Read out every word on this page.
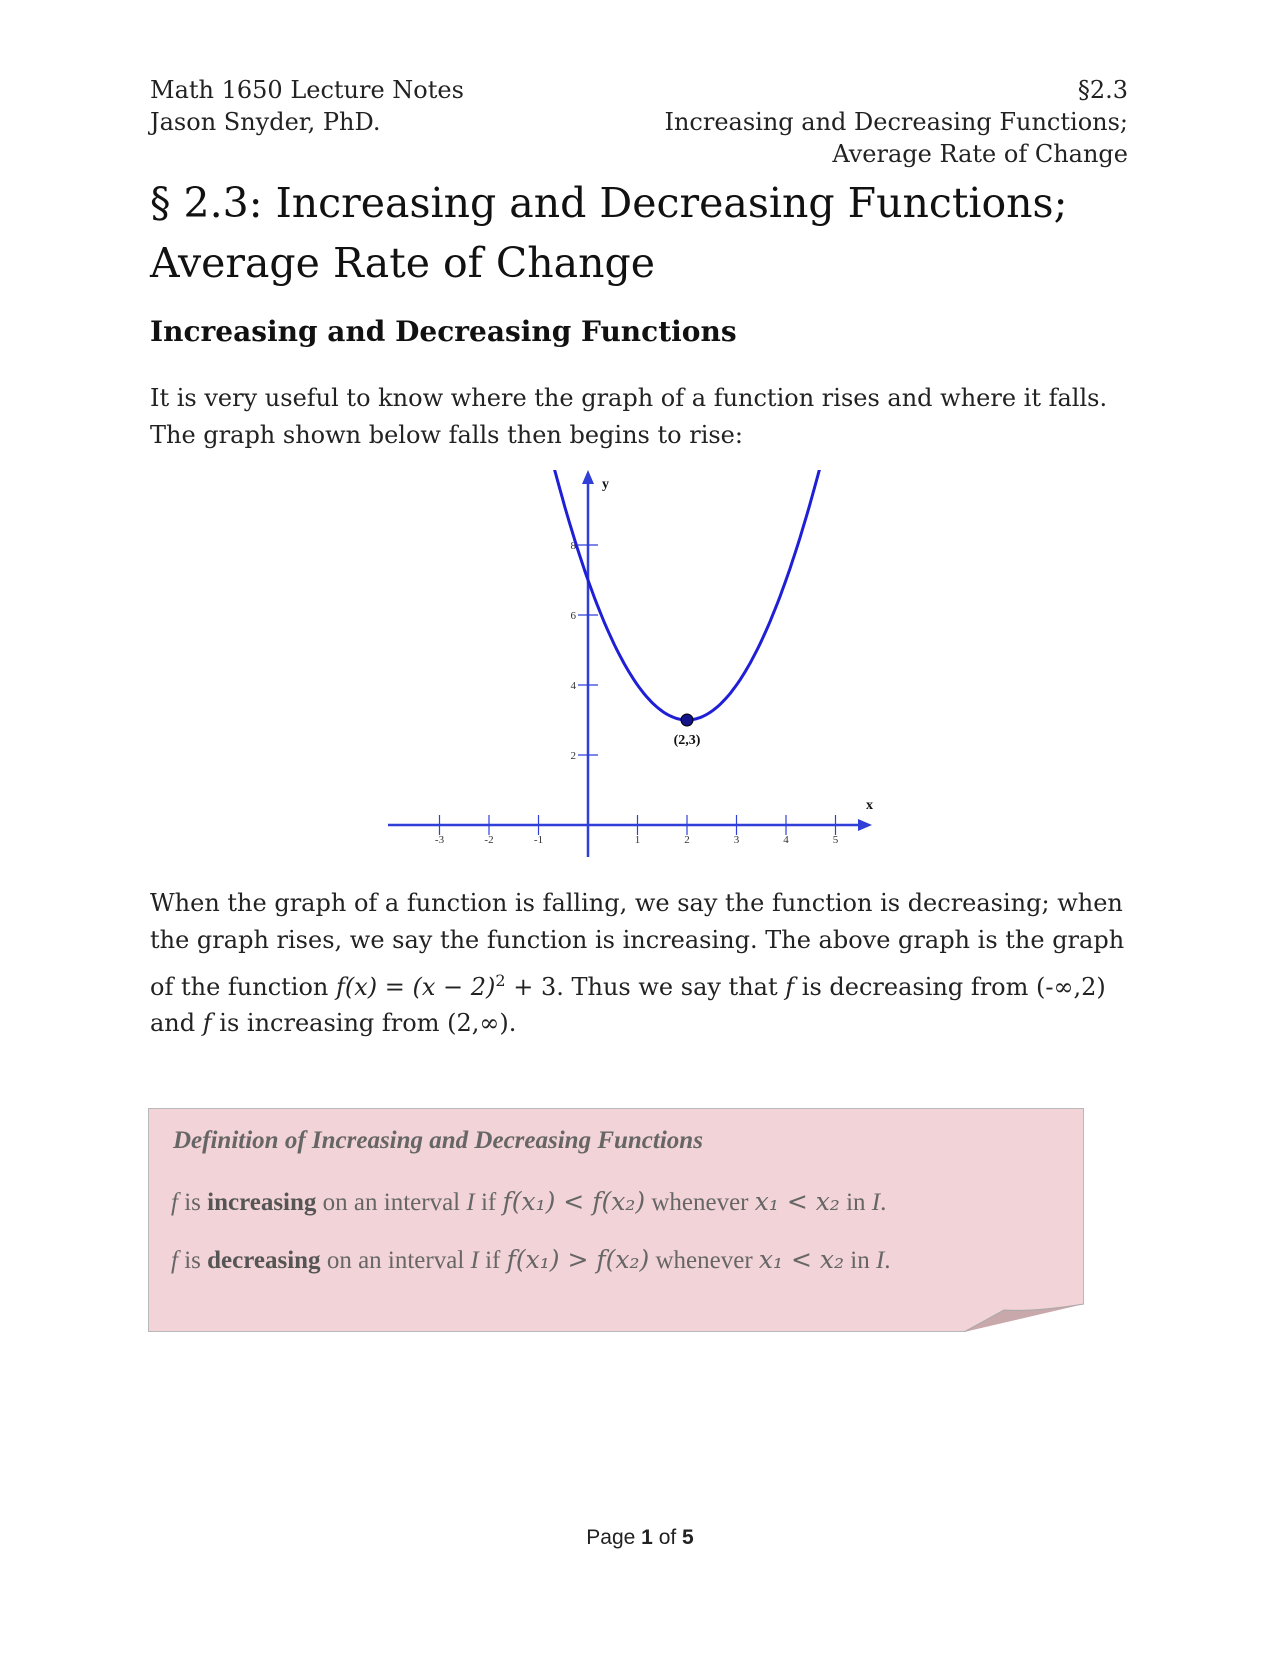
Math 1650 Lecture Notes
Jason Snyder, PhD.
§2.3
Increasing and Decreasing Functions;
Average Rate of Change
§ 2.3: Increasing and Decreasing Functions;
Average Rate of Change
Increasing and Decreasing Functions
It is very useful to know where the graph of a function rises and where it falls.
The graph shown below falls then begins to rise:
x
y
-3	-2	-1	1	2	3	4	5
2
4
6
8
(2,3)
When the graph of a function is falling, we say the function is decreasing; when
the graph rises, we say the function is increasing. The above graph is the graph
of the function $f(x) = (x - 2)^2 + 3$. Thus we say that f is decreasing from (-∞,2)
and f is increasing from (2,∞).
Definition of Increasing and Decreasing Functions
f is increasing on an interval I if f(x₁) < f(x₂) whenever x₁ < x₂ in I.
f is decreasing on an interval I if f(x₁) > f(x₂) whenever x₁ < x₂ in I.
Page 1 of 5
